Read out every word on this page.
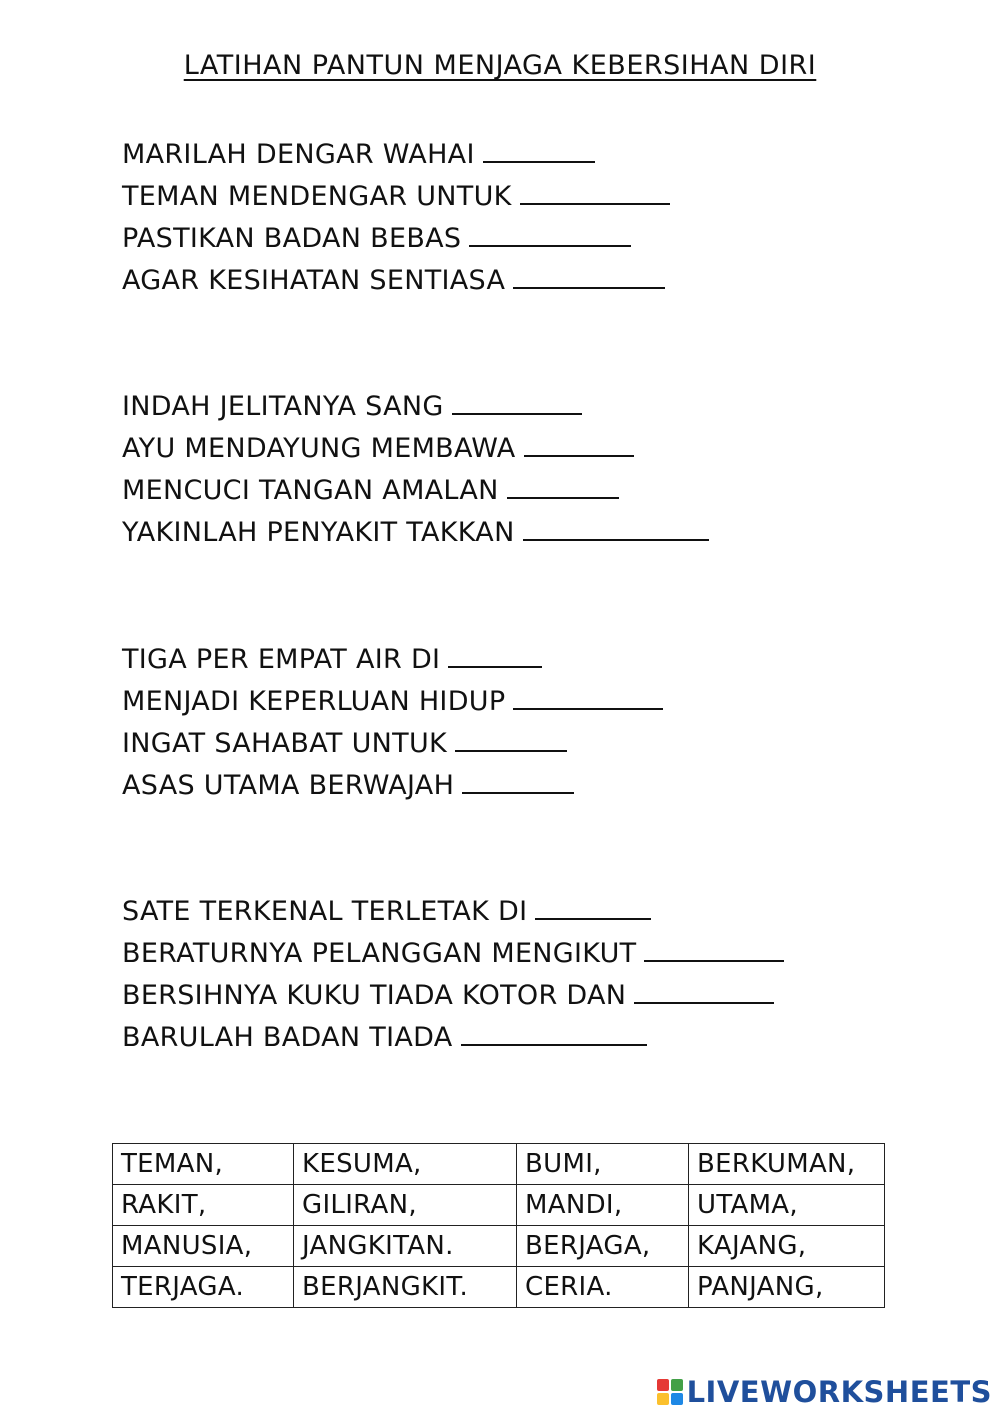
LATIHAN PANTUN MENJAGA KEBERSIHAN DIRI
MARILAH DENGAR WAHAI
TEMAN MENDENGAR UNTUK
PASTIKAN BADAN BEBAS
AGAR KESIHATAN SENTIASA
INDAH JELITANYA SANG
AYU MENDAYUNG MEMBAWA
MENCUCI TANGAN AMALAN
YAKINLAH PENYAKIT TAKKAN
TIGA PER EMPAT AIR DI
MENJADI KEPERLUAN HIDUP
INGAT SAHABAT UNTUK
ASAS UTAMA BERWAJAH
SATE TERKENAL TERLETAK DI
BERATURNYA PELANGGAN MENGIKUT
BERSIHNYA KUKU TIADA KOTOR DAN
BARULAH BADAN TIADA
TEMAN,	KESUMA,	BUMI,	BERKUMAN,
RAKIT,	GILIRAN,	MANDI,	UTAMA,
MANUSIA,	JANGKITAN.	BERJAGA,	KAJANG,
TERJAGA.	BERJANGKIT.	CERIA.	PANJANG,
LIVEWORKSHEETS
